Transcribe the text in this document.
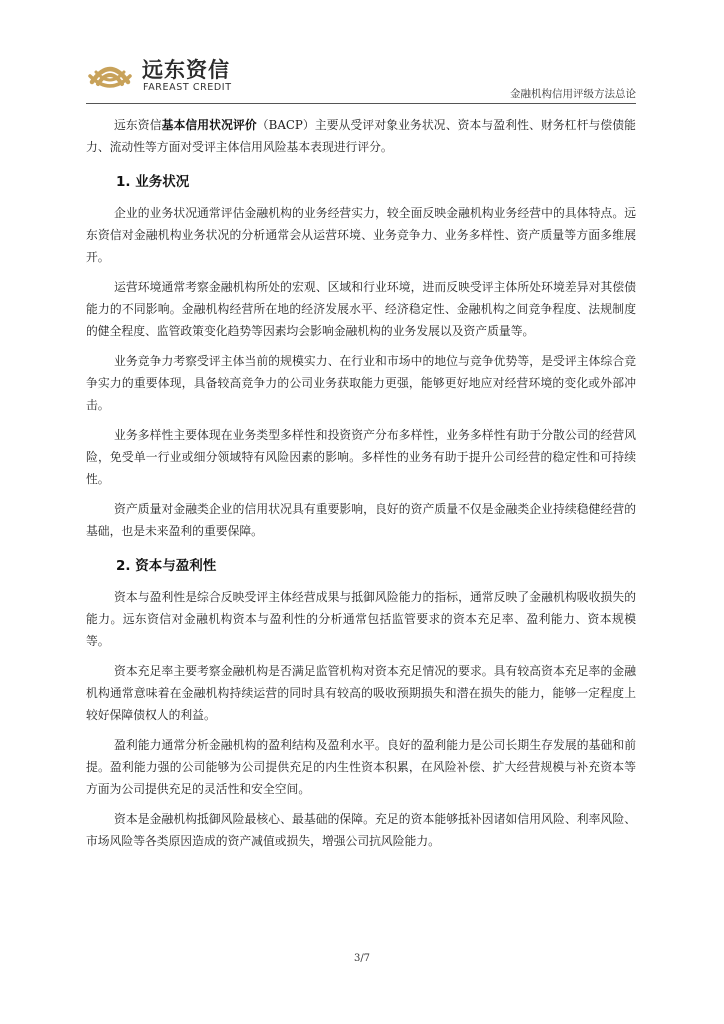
远东资信
FAREAST CREDIT
金融机构信用评级方法总论

远东资信基本信用状况评价（BACP）主要从受评对象业务状况、资本与盈利性、财务杠杆与偿债能力、流动性等方面对受评主体信用风险基本表现进行评分。

1. 业务状况

企业的业务状况通常评估金融机构的业务经营实力，较全面反映金融机构业务经营中的具体特点。远东资信对金融机构业务状况的分析通常会从运营环境、业务竞争力、业务多样性、资产质量等方面多维展开。

运营环境通常考察金融机构所处的宏观、区域和行业环境，进而反映受评主体所处环境差异对其偿债能力的不同影响。金融机构经营所在地的经济发展水平、经济稳定性、金融机构之间竞争程度、法规制度的健全程度、监管政策变化趋势等因素均会影响金融机构的业务发展以及资产质量等。

业务竞争力考察受评主体当前的规模实力、在行业和市场中的地位与竞争优势等，是受评主体综合竞争实力的重要体现，具备较高竞争力的公司业务获取能力更强，能够更好地应对经营环境的变化或外部冲击。

业务多样性主要体现在业务类型多样性和投资资产分布多样性，业务多样性有助于分散公司的经营风险，免受单一行业或细分领域特有风险因素的影响。多样性的业务有助于提升公司经营的稳定性和可持续性。

资产质量对金融类企业的信用状况具有重要影响，良好的资产质量不仅是金融类企业持续稳健经营的基础，也是未来盈利的重要保障。

2. 资本与盈利性

资本与盈利性是综合反映受评主体经营成果与抵御风险能力的指标，通常反映了金融机构吸收损失的能力。远东资信对金融机构资本与盈利性的分析通常包括监管要求的资本充足率、盈利能力、资本规模等。

资本充足率主要考察金融机构是否满足监管机构对资本充足情况的要求。具有较高资本充足率的金融机构通常意味着在金融机构持续运营的同时具有较高的吸收预期损失和潜在损失的能力，能够一定程度上较好保障债权人的利益。

盈利能力通常分析金融机构的盈利结构及盈利水平。良好的盈利能力是公司长期生存发展的基础和前提。盈利能力强的公司能够为公司提供充足的内生性资本积累，在风险补偿、扩大经营规模与补充资本等方面为公司提供充足的灵活性和安全空间。

资本是金融机构抵御风险最核心、最基础的保障。充足的资本能够抵补因诸如信用风险、利率风险、市场风险等各类原因造成的资产减值或损失，增强公司抗风险能力。

3/7
